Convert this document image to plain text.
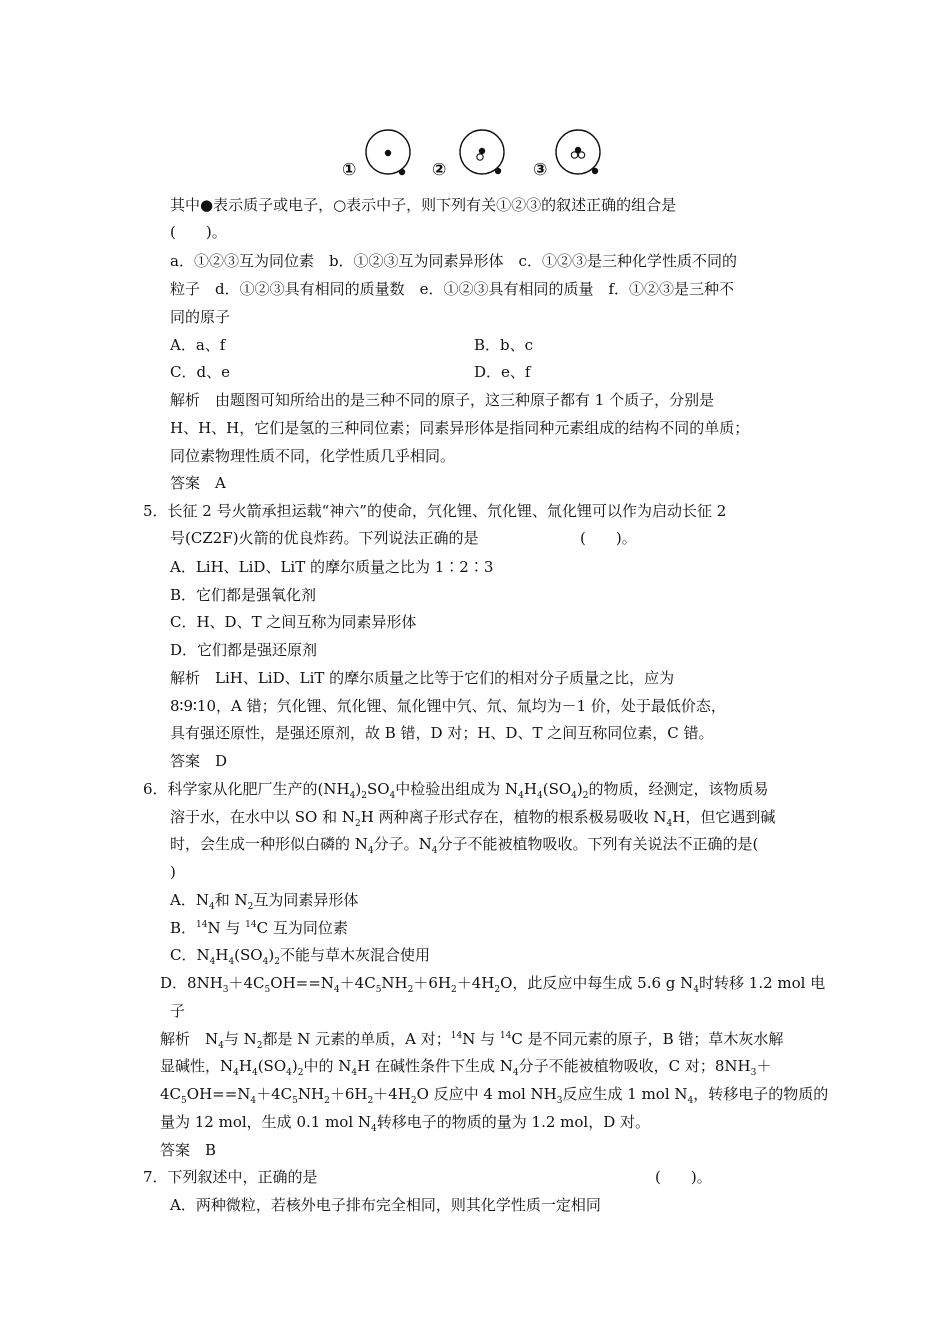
①	②	③
其中●表示质子或电子，○表示中子，则下列有关①②③的叙述正确的组合是
(　　)。
a．①②③互为同位素　b．①②③互为同素异形体　c．①②③是三种化学性质不同的
粒子　d．①②③具有相同的质量数　e．①②③具有相同的质量　f．①②③是三种不
同的原子
A．a、f	B．b、c
C．d、e	D．e、f
解析　由题图可知所给出的是三种不同的原子，这三种原子都有 1 个质子，分别是
H、H、H，它们是氢的三种同位素；同素异形体是指同种元素组成的结构不同的单质；
同位素物理性质不同，化学性质几乎相同。
答案　A
5．长征 2 号火箭承担运载“神六”的使命，氕化锂、氘化锂、氚化锂可以作为启动长征 2
号(CZ2F)火箭的优良炸药。下列说法正确的是	(　　)。
A．LiH、LiD、LiT 的摩尔质量之比为 1∶2∶3
B．它们都是强氧化剂
C．H、D、T 之间互称为同素异形体
D．它们都是强还原剂
解析　LiH、LiD、LiT 的摩尔质量之比等于它们的相对分子质量之比，应为
8∶9∶10，A 错；氕化锂、氘化锂、氚化锂中氕、氘、氚均为－1 价，处于最低价态，
具有强还原性，是强还原剂，故 B 错，D 对；H、D、T 之间互称同位素，C 错。
答案　D
6．科学家从化肥厂生产的$(NH_4)_2SO_4$中检验出组成为 $N_4H_4(SO_4)_2$的物质，经测定，该物质易
溶于水，在水中以 SO 和 $N_2H$ 两种离子形式存在，植物的根系极易吸收 $N_4H$，但它遇到碱
时，会生成一种形似白磷的 $N_4$分子。$N_4$分子不能被植物吸收。下列有关说法不正确的是(
)
A．$N_4$和 $N_2$互为同素异形体
B．$^{14}$N 与 $^{14}$C 互为同位素
C．$N_4H_4(SO_4)_2$不能与草木灰混合使用
D．$8NH_3+4C_5OH==N_4+4C_5NH_2+6H_2+4H_2O$，此反应中每生成 5.6 g $N_4$时转移 1.2 mol 电
子
解析　$N_4$与 $N_2$都是 N 元素的单质，A 对；$^{14}$N 与 $^{14}$C 是不同元素的原子，B 错；草木灰水解
显碱性，$N_4H_4(SO_4)_2$中的 $N_4H$ 在碱性条件下生成 $N_4$分子不能被植物吸收，C 对；$8NH_3+$
$4C_5OH==N_4+4C_5NH_2+6H_2+4H_2O$ 反应中 4 mol $NH_3$反应生成 1 mol $N_4$，转移电子的物质的
量为 12 mol，生成 0.1 mol $N_4$转移电子的物质的量为 1.2 mol，D 对。
答案　B
7．下列叙述中，正确的是	(　　)。
A．两种微粒，若核外电子排布完全相同，则其化学性质一定相同
